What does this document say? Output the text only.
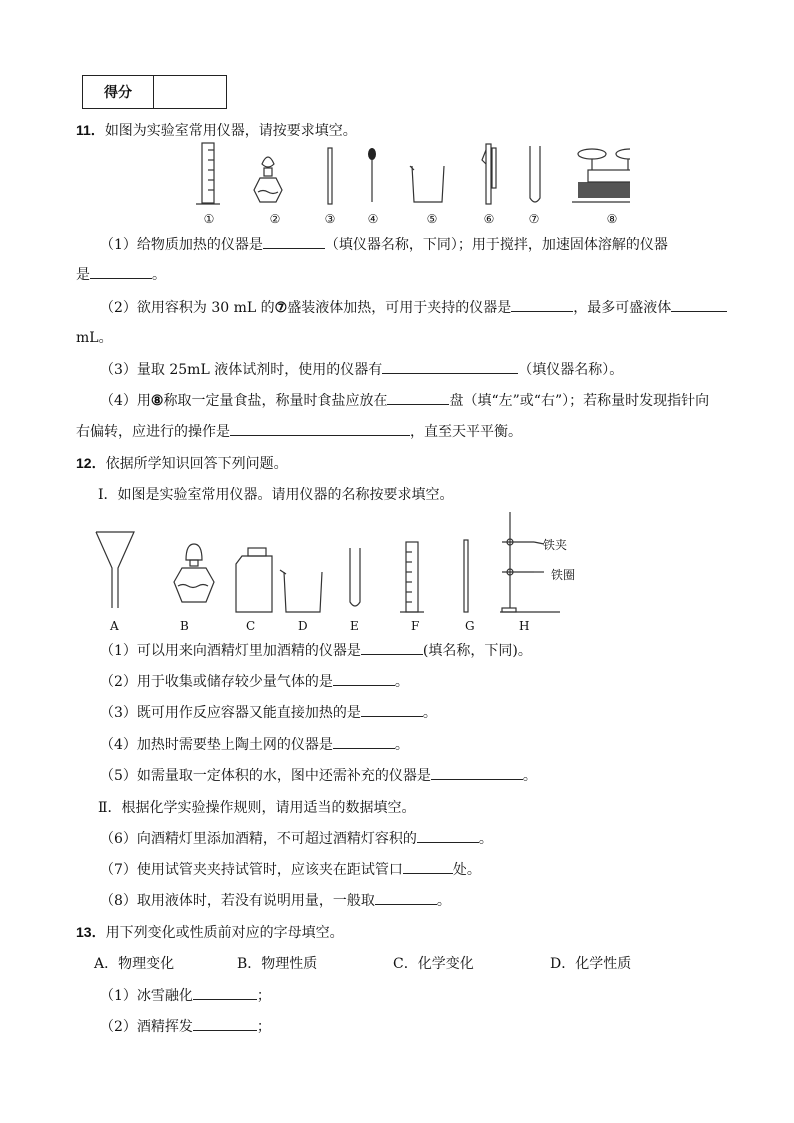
得分
11．如图为实验室常用仪器，请按要求填空。
①	②	③	④	⑤	⑥	⑦	⑧
（1）给物质加热的仪器是	（填仪器名称，下同）；用于搅拌，加速固体溶解的仪器
是	。
（2）欲用容积为 30 mL 的⑦盛装液体加热，可用于夹持的仪器是	，最多可盛液体
mL。
（3）量取 25mL 液体试剂时，使用的仪器有	（填仪器名称）。
（4）用⑧称取一定量食盐，称量时食盐应放在	盘（填“左”或“右”）；若称量时发现指针向
右偏转，应进行的操作是	，直至天平平衡。
12．依据所学知识回答下列问题。
Ⅰ．如图是实验室常用仪器。请用仪器的名称按要求填空。
铁夹
铁圈
A	B	C	D	E	F	G	H
（1）可以用来向酒精灯里加酒精的仪器是	(填名称，下同)。
（2）用于收集或储存较少量气体的是	。
（3）既可用作反应容器又能直接加热的是	。
（4）加热时需要垫上陶土网的仪器是	。
（5）如需量取一定体积的水，图中还需补充的仪器是	。
Ⅱ．根据化学实验操作规则，请用适当的数据填空。
（6）向酒精灯里添加酒精，不可超过酒精灯容积的	。
（7）使用试管夹夹持试管时，应该夹在距试管口	处。
（8）取用液体时，若没有说明用量，一般取	。
13．用下列变化或性质前对应的字母填空。
A．物理变化	B．物理性质	C．化学变化	D．化学性质
（1）冰雪融化	；
（2）酒精挥发	；
